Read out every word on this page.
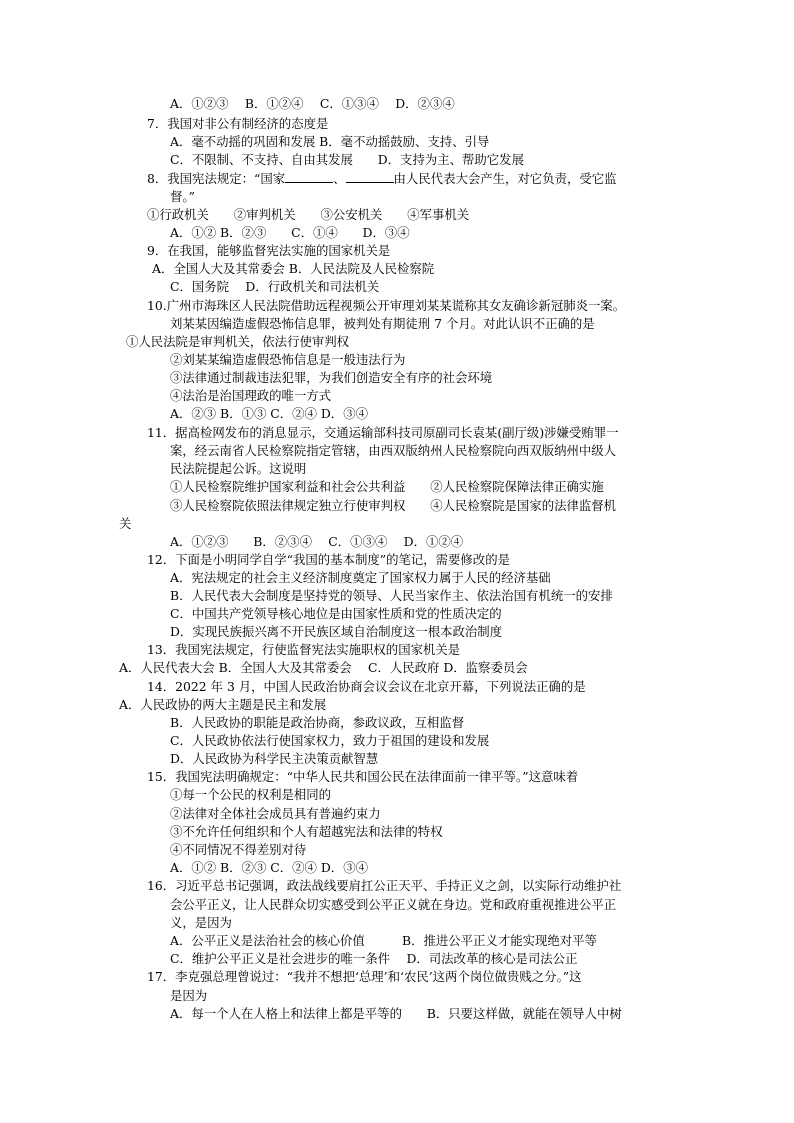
A．①②③　 B．①②④　 C．①③④　 D．②③④
7．我国对非公有制经济的态度是
A．毫不动摇的巩固和发展 B．毫不动摇鼓励、支持、引导
C．不限制、不支持、自由其发展　　D．支持为主、帮助它发展
8．我国宪法规定：“国家	、	由人民代表大会产生，对它负责，受它监
督。”
①行政机关　　②审判机关　　③公安机关　　④军事机关
A．①② B．②③　　C．①④　　D．③④
9．在我国，能够监督宪法实施的国家机关是
A．全国人大及其常委会 B．人民法院及人民检察院
C．国务院　 D．行政机关和司法机关
10.广州市海珠区人民法院借助远程视频公开审理刘某某谎称其女友确诊新冠肺炎一案。
刘某某因编造虚假恐怖信息罪，被判处有期徒刑 7 个月。对此认识不正确的是
①人民法院是审判机关，依法行使审判权
②刘某某编造虚假恐怖信息是一般违法行为
③法律通过制裁违法犯罪，为我们创造安全有序的社会环境
④法治是治国理政的唯一方式
A．②③ B．①③ C．②④ D．③④
11．据高检网发布的消息显示，交通运输部科技司原副司长袁某(副厅级)涉嫌受贿罪一
案，经云南省人民检察院指定管辖，由西双版纳州人民检察院向西双版纳州中级人
民法院提起公诉。这说明
①人民检察院维护国家利益和社会公共利益　　②人民检察院保障法律正确实施
③人民检察院依照法律规定独立行使审判权　　④人民检察院是国家的法律监督机
关
A．①②③　　B．②③④　 C．①③④　 D．①②④
12．下面是小明同学自学“我国的基本制度”的笔记，需要修改的是
A．宪法规定的社会主义经济制度奠定了国家权力属于人民的经济基础
B．人民代表大会制度是坚持党的领导、人民当家作主、依法治国有机统一的安排
C．中国共产党领导核心地位是由国家性质和党的性质决定的
D．实现民族振兴离不开民族区域自治制度这一根本政治制度
13．我国宪法规定，行使监督宪法实施职权的国家机关是
A．人民代表大会 B．全国人大及其常委会　 C．人民政府 D．监察委员会
14．2022 年 3 月，中国人民政治协商会议会议在北京开幕，下列说法正确的是
A．人民政协的两大主题是民主和发展
B．人民政协的职能是政治协商，参政议政，互相监督
C．人民政协依法行使国家权力，致力于祖国的建设和发展
D．人民政协为科学民主决策贡献智慧
15．我国宪法明确规定：“中华人民共和国公民在法律面前一律平等。”这意味着
①每一个公民的权利是相同的
②法律对全体社会成员具有普遍约束力
③不允许任何组织和个人有超越宪法和法律的特权
④不同情况不得差别对待
A．①② B．②③ C．②④ D．③④
16．习近平总书记强调，政法战线要肩扛公正天平、手持正义之剑，以实际行动维护社
会公平正义，让人民群众切实感受到公平正义就在身边。党和政府重视推进公平正
义，是因为
A．公平正义是法治社会的核心价值　　　B．推进公平正义才能实现绝对平等
C．维护公平正义是社会进步的唯一条件　 D．司法改革的核心是司法公正
17．李克强总理曾说过：“我并不想把‘总理’和‘农民’这两个岗位做贵贱之分。”这
是因为
A．每一个人在人格上和法律上都是平等的　　B．只要这样做，就能在领导人中树
